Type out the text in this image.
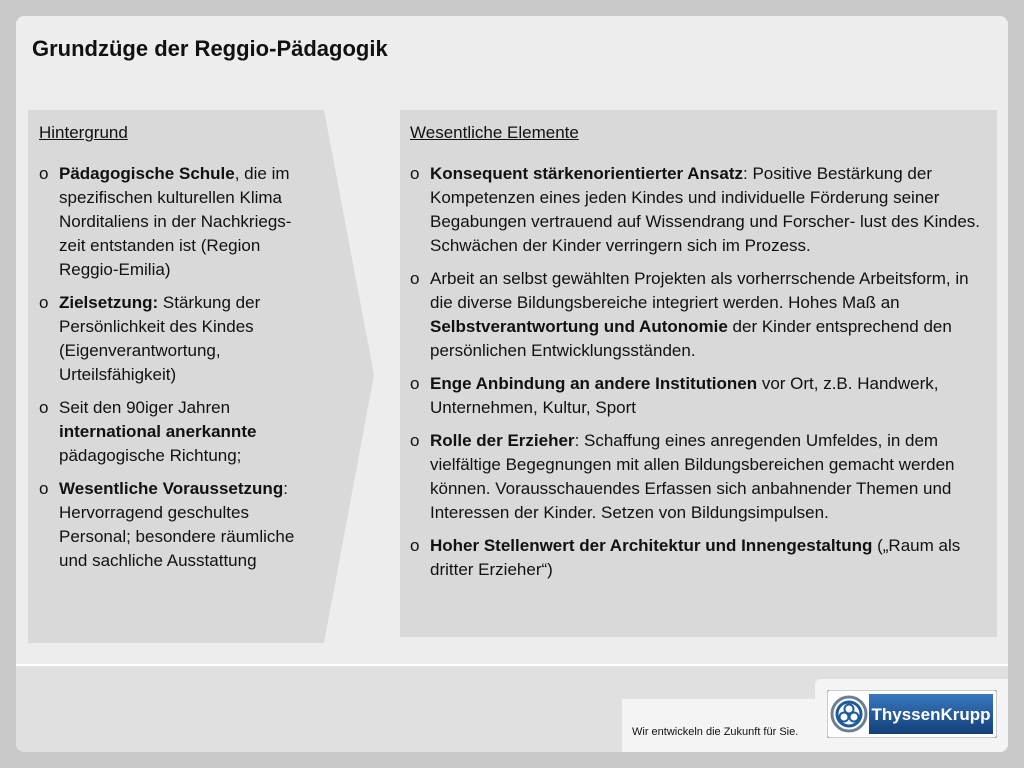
Grundzüge der Reggio-Pädagogik
Hintergrund	Wesentliche Elemente
o Pädagogische Schule, die im spezifischen kulturellen Klima Norditaliens in der Nachkriegs- zeit entstanden ist (Region Reggio-Emilia)
o Zielsetzung: Stärkung der Persönlichkeit des Kindes (Eigenverantwortung, Urteilsfähigkeit)
o Seit den 90iger Jahren international anerkannte pädagogische Richtung;
o Wesentliche Voraussetzung: Hervorragend geschultes Personal; besondere räumliche und sachliche Ausstattung
o Konsequent stärkenorientierter Ansatz: Positive Bestärkung der Kompetenzen eines jeden Kindes und individuelle Förderung seiner Begabungen vertrauend auf Wissendrang und Forscher- lust des Kindes. Schwächen der Kinder verringern sich im Prozess.
o Arbeit an selbst gewählten Projekten als vorherrschende Arbeitsform, in die diverse Bildungsbereiche integriert werden. Hohes Maß an Selbstverantwortung und Autonomie der Kinder entsprechend den persönlichen Entwicklungsständen.
o Enge Anbindung an andere Institutionen vor Ort, z.B. Handwerk, Unternehmen, Kultur, Sport
o Rolle der Erzieher: Schaffung eines anregenden Umfeldes, in dem vielfältige Begegnungen mit allen Bildungsbereichen gemacht werden können. Vorausschauendes Erfassen sich anbahnender Themen und Interessen der Kinder. Setzen von Bildungsimpulsen.
o Hoher Stellenwert der Architektur und Innengestaltung („Raum als dritter Erzieher“)
Wir entwickeln die Zukunft für Sie.
ThyssenKrupp
